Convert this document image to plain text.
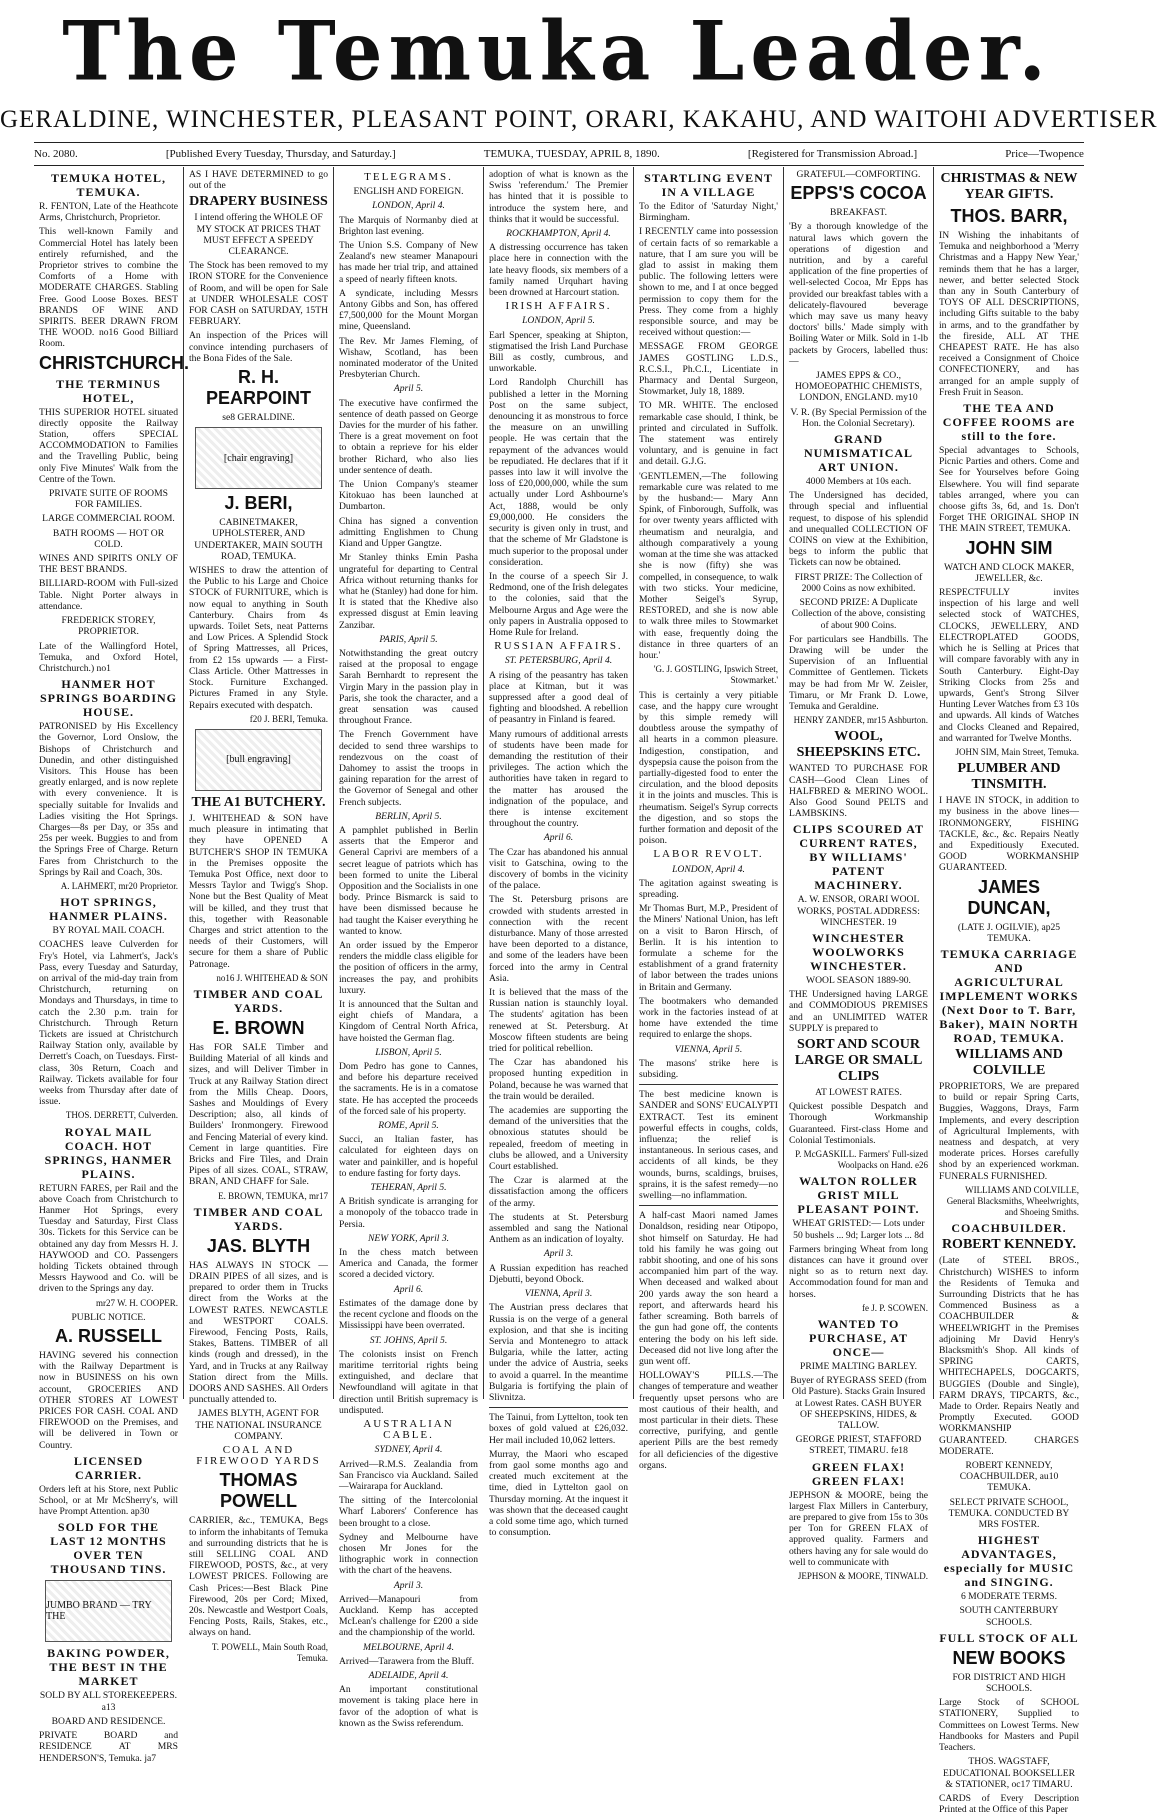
The Temuka Leader.
GERALDINE, WINCHESTER, PLEASANT POINT, ORARI, KAKAHU, AND WAITOHI ADVERTISER
No. 2080.	[Published Every Tuesday, Thursday, and Saturday.]	TEMUKA, TUESDAY, APRIL 8, 1890.	[Registered for Transmission Abroad.]	Price—Twopence
TEMUKA HOTEL, TEMUKA.
R. FENTON, Late of the Heathcote Arms, Christchurch, Proprietor.
This well-known Family and Commercial Hotel has lately been entirely refurnished, and the Proprietor strives to combine the Comforts of a Home with MODERATE CHARGES. Stabling Free. Good Loose Boxes. BEST BRANDS OF WINE AND SPIRITS. BEER DRAWN FROM THE WOOD. no16 Good Billiard Room.
CHRISTCHURCH.
THE TERMINUS HOTEL,
THIS SUPERIOR HOTEL situated directly opposite the Railway Station, offers SPECIAL ACCOMMODATION to Families and the Travelling Public, being only Five Minutes' Walk from the Centre of the Town.
PRIVATE SUITE OF ROOMS FOR FAMILIES.
LARGE COMMERCIAL ROOM.
BATH ROOMS — HOT OR COLD.
WINES AND SPIRITS ONLY OF THE BEST BRANDS.
BILLIARD-ROOM with Full-sized Table. Night Porter always in attendance.
FREDERICK STOREY, PROPRIETOR.
Late of the Wallingford Hotel, Temuka, and Oxford Hotel, Christchurch.) no1
HANMER HOT SPRINGS BOARDING HOUSE.
PATRONISED by His Excellency the Governor, Lord Onslow, the Bishops of Christchurch and Dunedin, and other distinguished Visitors. This House has been greatly enlarged, and is now replete with every convenience. It is specially suitable for Invalids and Ladies visiting the Hot Springs. Charges—8s per Day, or 35s and 25s per week. Buggies to and from the Springs Free of Charge. Return Fares from Christchurch to the Springs by Rail and Coach, 30s.
A. LAHMERT, mr20 Proprietor.
HOT SPRINGS, HANMER PLAINS.
BY ROYAL MAIL COACH.
COACHES leave Culverden for Fry's Hotel, via Lahmert's, Jack's Pass, every Tuesday and Saturday, on arrival of the mid-day train from Christchurch, returning on Mondays and Thursdays, in time to catch the 2.30 p.m. train for Christchurch. Through Return Tickets are issued at Christchurch Railway Station only, available by Derrett's Coach, on Tuesdays. First-class, 30s Return, Coach and Railway. Tickets available for four weeks from Thursday after date of issue.
THOS. DERRETT, Culverden.
ROYAL MAIL COACH. HOT SPRINGS, HANMER PLAINS.
RETURN FARES, per Rail and the above Coach from Christchurch to Hanmer Hot Springs, every Tuesday and Saturday, First Class 30s. Tickets for this Service can be obtained any day from Messrs H. J. HAYWOOD and CO. Passengers holding Tickets obtained through Messrs Haywood and Co. will be driven to the Springs any day.
mr27 W. H. COOPER.
PUBLIC NOTICE.
A. RUSSELL
HAVING severed his connection with the Railway Department is now in BUSINESS on his own account, GROCERIES AND OTHER STORES AT LOWEST PRICES FOR CASH. COAL AND FIREWOOD on the Premises, and will be delivered in Town or Country.
LICENSED CARRIER.
Orders left at his Store, next Public School, or at Mr McSherry's, will have Prompt Attention. ap30
SOLD FOR THE LAST 12 MONTHS OVER TEN THOUSAND TINS.
JUMBO BRAND — TRY THE
BAKING POWDER, THE BEST IN THE MARKET
SOLD BY ALL STOREKEEPERS. a13
BOARD AND RESIDENCE.
PRIVATE BOARD and RESIDENCE AT MRS HENDERSON'S, Temuka. ja7
AS I HAVE DETERMINED to go out of the
DRAPERY BUSINESS
I intend offering the WHOLE OF MY STOCK AT PRICES THAT MUST EFFECT A SPEEDY CLEARANCE.
The Stock has been removed to my IRON STORE for the Convenience of Room, and will be open for Sale at UNDER WHOLESALE COST FOR CASH on SATURDAY, 15TH FEBRUARY.
An inspection of the Prices will convince intending purchasers of the Bona Fides of the Sale.
R. H. PEARPOINT
se8 GERALDINE.
[chair engraving]
J. BERI,
CABINETMAKER, UPHOLSTERER, AND UNDERTAKER, MAIN SOUTH ROAD, TEMUKA.
WISHES to draw the attention of the Public to his Large and Choice STOCK of FURNITURE, which is now equal to anything in South Canterbury. Chairs from 4s upwards. Toilet Sets, neat Patterns and Low Prices. A Splendid Stock of Spring Mattresses, all Prices, from £2 15s upwards — a First-Class Article. Other Mattresses in Stock. Furniture Exchanged. Pictures Framed in any Style. Repairs executed with despatch.
f20 J. BERI, Temuka.
[bull engraving]
THE A1 BUTCHERY.
J. WHITEHEAD & SON have much pleasure in intimating that they have OPENED A BUTCHER'S SHOP IN TEMUKA in the Premises opposite the Temuka Post Office, next door to Messrs Taylor and Twigg's Shop. None but the Best Quality of Meat will be killed, and they trust that this, together with Reasonable Charges and strict attention to the needs of their Customers, will secure for them a share of Public Patronage.
no16 J. WHITEHEAD & SON
TIMBER AND COAL YARDS.
E. BROWN
Has FOR SALE Timber and Building Material of all kinds and sizes, and will Deliver Timber in Truck at any Railway Station direct from the Mills Cheap. Doors, Sashes and Mouldings of Every Description; also, all kinds of Builders' Ironmongery. Firewood and Fencing Material of every kind. Cement in large quantities. Fire Bricks and Fire Tiles, and Drain Pipes of all sizes. COAL, STRAW, BRAN, AND CHAFF for Sale.
E. BROWN, TEMUKA, mr17
TIMBER AND COAL YARDS.
JAS. BLYTH
HAS ALWAYS IN STOCK — DRAIN PIPES of all sizes, and is prepared to order them in Trucks direct from the Works at the LOWEST RATES. NEWCASTLE and WESTPORT COALS. Firewood, Fencing Posts, Rails, Stakes, Battens. TIMBER of all kinds (rough and dressed), in the Yard, and in Trucks at any Railway Station direct from the Mills. DOORS AND SASHES. All Orders punctually attended to.
JAMES BLYTH, AGENT FOR THE NATIONAL INSURANCE COMPANY.
COAL AND FIREWOOD YARDS
THOMAS POWELL
CARRIER, &c., TEMUKA, Begs to inform the inhabitants of Temuka and surrounding districts that he is still SELLING COAL AND FIREWOOD, POSTS, &c., at very LOWEST PRICES. Following are Cash Prices:—Best Black Pine Firewood, 20s per Cord; Mixed, 20s. Newcastle and Westport Coals, Fencing Posts, Rails, Stakes, etc., always on hand.
T. POWELL, Main South Road, Temuka.
TELEGRAMS.
ENGLISH AND FOREIGN.
LONDON, April 4.
The Marquis of Normanby died at Brighton last evening.
The Union S.S. Company of New Zealand's new steamer Manapouri has made her trial trip, and attained a speed of nearly fifteen knots.
A syndicate, including Messrs Antony Gibbs and Son, has offered £7,500,000 for the Mount Morgan mine, Queensland.
The Rev. Mr James Fleming, of Wishaw, Scotland, has been nominated moderator of the United Presbyterian Church.
April 5.
The executive have confirmed the sentence of death passed on George Davies for the murder of his father. There is a great movement on foot to obtain a reprieve for his elder brother Richard, who also lies under sentence of death.
The Union Company's steamer Kitokuao has been launched at Dumbarton.
China has signed a convention admitting Englishmen to Chung Kiand and Upper Gangtze.
Mr Stanley thinks Emin Pasha ungrateful for departing to Central Africa without returning thanks for what he (Stanley) had done for him. It is stated that the Khedive also expressed disgust at Emin leaving Zanzibar.
PARIS, April 5.
Notwithstanding the great outcry raised at the proposal to engage Sarah Bernhardt to represent the Virgin Mary in the passion play in Paris, she took the character, and a great sensation was caused throughout France.
The French Government have decided to send three warships to rendezvous on the coast of Dahomey to assist the troops in gaining reparation for the arrest of the Governor of Senegal and other French subjects.
BERLIN, April 5.
A pamphlet published in Berlin asserts that the Emperor and General Caprivi are members of a secret league of patriots which has been formed to unite the Liberal Opposition and the Socialists in one body. Prince Bismarck is said to have been dismissed because he had taught the Kaiser everything he wanted to know.
An order issued by the Emperor renders the middle class eligible for the position of officers in the army, increases the pay, and prohibits luxury.
It is announced that the Sultan and eight chiefs of Mandara, a Kingdom of Central North Africa, have hoisted the German flag.
LISBON, April 5.
Dom Pedro has gone to Cannes, and before his departure received the sacraments. He is in a comatose state. He has accepted the proceeds of the forced sale of his property.
ROME, April 5.
Succi, an Italian faster, has calculated for eighteen days on water and painkiller, and is hopeful to endure fasting for forty days.
TEHERAN, April 5.
A British syndicate is arranging for a monopoly of the tobacco trade in Persia.
NEW YORK, April 3.
In the chess match between America and Canada, the former scored a decided victory.
April 6.
Estimates of the damage done by the recent cyclone and floods on the Mississippi have been overrated.
ST. JOHNS, April 5.
The colonists insist on French maritime territorial rights being extinguished, and declare that Newfoundland will agitate in that direction until British supremacy is undisputed.
AUSTRALIAN CABLE.
SYDNEY, April 4.
Arrived—R.M.S. Zealandia from San Francisco via Auckland. Sailed—Wairarapa for Auckland.
The sitting of the Intercolonial Wharf Laborers' Conference has been brought to a close.
Sydney and Melbourne have chosen Mr Jones for the lithographic work in connection with the chart of the heavens.
April 3.
Arrived—Manapouri from Auckland. Kemp has accepted McLean's challenge for £200 a side and the championship of the world.
MELBOURNE, April 4.
Arrived—Tarawera from the Bluff.
ADELAIDE, April 4.
An important constitutional movement is taking place here in favor of the adoption of what is known as the Swiss referendum.
adoption of what is known as the Swiss 'referendum.' The Premier has hinted that it is possible to introduce the system here, and thinks that it would be successful.
ROCKHAMPTON, April 4.
A distressing occurrence has taken place here in connection with the late heavy floods, six members of a family named Urquhart having been drowned at Harcourt station.
IRISH AFFAIRS.
LONDON, April 5.
Earl Spencer, speaking at Shipton, stigmatised the Irish Land Purchase Bill as costly, cumbrous, and unworkable.
Lord Randolph Churchill has published a letter in the Morning Post on the same subject, denouncing it as monstrous to force the measure on an unwilling people. He was certain that the repayment of the advances would be repudiated. He declares that if it passes into law it will involve the loss of £20,000,000, while the sum actually under Lord Ashbourne's Act, 1888, would be only £9,000,000. He considers the security is given only in trust, and that the scheme of Mr Gladstone is much superior to the proposal under consideration.
In the course of a speech Sir J. Redmond, one of the Irish delegates to the colonies, said that the Melbourne Argus and Age were the only papers in Australia opposed to Home Rule for Ireland.
RUSSIAN AFFAIRS.
ST. PETERSBURG, April 4.
A rising of the peasantry has taken place at Kitman, but it was suppressed after a good deal of fighting and bloodshed. A rebellion of peasantry in Finland is feared.
Many rumours of additional arrests of students have been made for demanding the restitution of their privileges. The action which the authorities have taken in regard to the matter has aroused the indignation of the populace, and there is intense excitement throughout the country.
April 6.
The Czar has abandoned his annual visit to Gatschina, owing to the discovery of bombs in the vicinity of the palace.
The St. Petersburg prisons are crowded with students arrested in connection with the recent disturbance. Many of those arrested have been deported to a distance, and some of the leaders have been forced into the army in Central Asia.
It is believed that the mass of the Russian nation is staunchly loyal. The students' agitation has been renewed at St. Petersburg. At Moscow fifteen students are being tried for political rebellion.
The Czar has abandoned his proposed hunting expedition in Poland, because he was warned that the train would be derailed.
The academies are supporting the demand of the universities that the obnoxious statutes should be repealed, freedom of meeting in clubs be allowed, and a University Court established.
The Czar is alarmed at the dissatisfaction among the officers of the army.
The students at St. Petersburg assembled and sang the National Anthem as an indication of loyalty.
April 3.
A Russian expedition has reached Djebutti, beyond Obock.
VIENNA, April 3.
The Austrian press declares that Russia is on the verge of a general explosion, and that she is inciting Servia and Montenegro to attack Bulgaria, while the latter, acting under the advice of Austria, seeks to avoid a quarrel. In the meantime Bulgaria is fortifying the plain of Slivnitza.
The Tainui, from Lyttelton, took ten boxes of gold valued at £26,032. Her mail included 10,062 letters.
Murray, the Maori who escaped from gaol some months ago and created much excitement at the time, died in Lyttelton gaol on Thursday morning. At the inquest it was shown that the deceased caught a cold some time ago, which turned to consumption.
STARTLING EVENT IN A VILLAGE
To the Editor of 'Saturday Night,' Birmingham.
I RECENTLY came into possession of certain facts of so remarkable a nature, that I am sure you will be glad to assist in making them public. The following letters were shown to me, and I at once begged permission to copy them for the Press. They come from a highly responsible source, and may be received without question:—
MESSAGE FROM GEORGE JAMES GOSTLING L.D.S., R.C.S.I., Ph.C.I., Licentiate in Pharmacy and Dental Surgeon, Stowmarket, July 18, 1889.
TO MR. WHITE. The enclosed remarkable case should, I think, be printed and circulated in Suffolk. The statement was entirely voluntary, and is genuine in fact and detail. G.J.G.
'GENTLEMEN,—The following remarkable cure was related to me by the husband:— Mary Ann Spink, of Finborough, Suffolk, was for over twenty years afflicted with rheumatism and neuralgia, and although comparatively a young woman at the time she was attacked she is now (fifty) she was compelled, in consequence, to walk with two sticks. Your medicine, Mother Seigel's Syrup, RESTORED, and she is now able to walk three miles to Stowmarket with ease, frequently doing the distance in three quarters of an hour.'
'G. J. GOSTLING, Ipswich Street, Stowmarket.'
This is certainly a very pitiable case, and the happy cure wrought by this simple remedy will doubtless arouse the sympathy of all hearts in a common pleasure. Indigestion, constipation, and dyspepsia cause the poison from the partially-digested food to enter the circulation, and the blood deposits it in the joints and muscles. This is rheumatism. Seigel's Syrup corrects the digestion, and so stops the further formation and deposit of the poison.
LABOR REVOLT.
LONDON, April 4.
The agitation against sweating is spreading.
Mr Thomas Burt, M.P., President of the Miners' National Union, has left on a visit to Baron Hirsch, of Berlin. It is his intention to formulate a scheme for the establishment of a grand fraternity of labor between the trades unions in Britain and Germany.
The bootmakers who demanded work in the factories instead of at home have extended the time required to enlarge the shops.
VIENNA, April 5.
The masons' strike here is subsiding.
The best medicine known is SANDER and SONS' EUCALYPTI EXTRACT. Test its eminent powerful effects in coughs, colds, influenza; the relief is instantaneous. In serious cases, and accidents of all kinds, be they wounds, burns, scaldings, bruises, sprains, it is the safest remedy—no swelling—no inflammation.
A half-cast Maori named James Donaldson, residing near Otipopo, shot himself on Saturday. He had told his family he was going out rabbit shooting, and one of his sons accompanied him part of the way. When deceased and walked about 200 yards away the son heard a report, and afterwards heard his father screaming. Both barrels of the gun had gone off, the contents entering the body on his left side. Deceased did not live long after the gun went off.
HOLLOWAY'S PILLS.—The changes of temperature and weather frequently upset persons who are most cautious of their health, and most particular in their diets. These corrective, purifying, and gentle aperient Pills are the best remedy for all deficiencies of the digestive organs.
GRATEFUL—COMFORTING.
EPPS'S COCOA
BREAKFAST.
'By a thorough knowledge of the natural laws which govern the operations of digestion and nutrition, and by a careful application of the fine properties of well-selected Cocoa, Mr Epps has provided our breakfast tables with a delicately-flavoured beverage which may save us many heavy doctors' bills.' Made simply with Boiling Water or Milk. Sold in 1-lb packets by Grocers, labelled thus:—
JAMES EPPS & CO., HOMOEOPATHIC CHEMISTS, LONDON, ENGLAND. my10
V. R. (By Special Permission of the Hon. the Colonial Secretary).
GRAND NUMISMATICAL ART UNION.
4000 Members at 10s each.
The Undersigned has decided, through special and influential request, to dispose of his splendid and unequalled COLLECTION OF COINS on view at the Exhibition, begs to inform the public that Tickets can now be obtained.
FIRST PRIZE: The Collection of 2000 Coins as now exhibited.
SECOND PRIZE: A Duplicate Collection of the above, consisting of about 900 Coins.
For particulars see Handbills. The Drawing will be under the Supervision of an Influential Committee of Gentlemen. Tickets may be had from Mr W. Zeisler, Timaru, or Mr Frank D. Lowe, Temuka and Geraldine.
HENRY ZANDER, mr15 Ashburton.
WOOL, SHEEPSKINS ETC.
WANTED TO PURCHASE FOR CASH—Good Clean Lines of HALFBRED & MERINO WOOL. Also Good Sound PELTS and LAMBSKINS.
CLIPS SCOURED AT CURRENT RATES, BY WILLIAMS' PATENT MACHINERY.
A. W. ENSOR, ORARI WOOL WORKS, POSTAL ADDRESS: WINCHESTER. 19
WINCHESTER WOOLWORKS WINCHESTER.
WOOL SEASON 1889-90.
THE Undersigned having LARGE and COMMODIOUS PREMISES and an UNLIMITED WATER SUPPLY is prepared to
SORT AND SCOUR LARGE OR SMALL CLIPS
AT LOWEST RATES.
Quickest possible Despatch and Thorough Workmanship Guaranteed. First-class Home and Colonial Testimonials.
P. McGASKILL. Farmers' Full-sized Woolpacks on Hand. e26
WALTON ROLLER GRIST MILL PLEASANT POINT.
WHEAT GRISTED:— Lots under 50 bushels ... 9d; Larger lots ... 8d
Farmers bringing Wheat from long distances can have it ground over night so as to return next day. Accommodation found for man and horses.
fe J. P. SCOWEN.
WANTED TO PURCHASE, AT ONCE—
PRIME MALTING BARLEY.
Buyer of RYEGRASS SEED (from Old Pasture). Stacks Grain Insured at Lowest Rates. CASH BUYER OF SHEEPSKINS, HIDES, & TALLOW.
GEORGE PRIEST, STAFFORD STREET, TIMARU. fe18
GREEN FLAX! GREEN FLAX!
JEPHSON & MOORE, being the largest Flax Millers in Canterbury, are prepared to give from 15s to 30s per Ton for GREEN FLAX of approved quality. Farmers and others having any for sale would do well to communicate with
JEPHSON & MOORE, TINWALD.
CHRISTMAS & NEW YEAR GIFTS.
THOS. BARR,
IN Wishing the inhabitants of Temuka and neighborhood a 'Merry Christmas and a Happy New Year,' reminds them that he has a larger, newer, and better selected Stock than any in South Canterbury of TOYS OF ALL DESCRIPTIONS, including Gifts suitable to the baby in arms, and to the grandfather by the fireside, ALL AT THE CHEAPEST RATE. He has also received a Consignment of Choice CONFECTIONERY, and has arranged for an ample supply of Fresh Fruit in Season.
THE TEA AND COFFEE ROOMS are still to the fore.
Special advantages to Schools, Picnic Parties and others. Come and See for Yourselves before Going Elsewhere. You will find separate tables arranged, where you can choose gifts 3s, 6d, and 1s. Don't Forget THE ORIGINAL SHOP IN THE MAIN STREET, TEMUKA.
JOHN SIM
WATCH AND CLOCK MAKER, JEWELLER, &c.
RESPECTFULLY invites inspection of his large and well selected stock of WATCHES, CLOCKS, JEWELLERY, AND ELECTROPLATED GOODS, which he is Selling at Prices that will compare favorably with any in South Canterbury. Eight-Day Striking Clocks from 25s and upwards, Gent's Strong Silver Hunting Lever Watches from £3 10s and upwards. All kinds of Watches and Clocks Cleaned and Repaired, and warranted for Twelve Months.
JOHN SIM, Main Street, Temuka.
PLUMBER AND TINSMITH.
I HAVE IN STOCK, in addition to my business in the above lines—IRONMONGERY, FISHING TACKLE, &c., &c. Repairs Neatly and Expeditiously Executed. GOOD WORKMANSHIP GUARANTEED.
JAMES DUNCAN,
(LATE J. OGILVIE), ap25 TEMUKA.
TEMUKA CARRIAGE AND AGRICULTURAL IMPLEMENT WORKS (Next Door to T. Barr, Baker), MAIN NORTH ROAD, TEMUKA.
WILLIAMS AND COLVILLE
PROPRIETORS, We are prepared to build or repair Spring Carts, Buggies, Waggons, Drays, Farm Implements, and every description of Agricultural Implements, with neatness and despatch, at very moderate prices. Horses carefully shod by an experienced workman. FUNERALS FURNISHED.
WILLIAMS AND COLVILLE, General Blacksmiths, Wheelwrights, and Shoeing Smiths.
COACHBUILDER.
ROBERT KENNEDY.
(Late of STEEL BROS., Christchurch) WISHES to inform the Residents of Temuka and Surrounding Districts that he has Commenced Business as a COACHBUILDER & WHEELWRIGHT in the Premises adjoining Mr David Henry's Blacksmith's Shop. All kinds of SPRING CARTS, WHITECHAPELS, DOGCARTS, BUGGIES (Double and Single), FARM DRAYS, TIPCARTS, &c., Made to Order. Repairs Neatly and Promptly Executed. GOOD WORKMANSHIP GUARANTEED. CHARGES MODERATE.
ROBERT KENNEDY, COACHBUILDER, au10 TEMUKA.
SELECT PRIVATE SCHOOL, TEMUKA. CONDUCTED BY MRS FOSTER.
HIGHEST ADVANTAGES, especially for MUSIC and SINGING.
6 MODERATE TERMS.
SOUTH CANTERBURY SCHOOLS.
FULL STOCK OF ALL
NEW BOOKS
FOR DISTRICT AND HIGH SCHOOLS.
Large Stock of SCHOOL STATIONERY, Supplied to Committees on Lowest Terms. New Handbooks for Masters and Pupil Teachers.
THOS. WAGSTAFF, EDUCATIONAL BOOKSELLER & STATIONER, oc17 TIMARU.
CARDS of Every Description Printed at the Office of this Paper
